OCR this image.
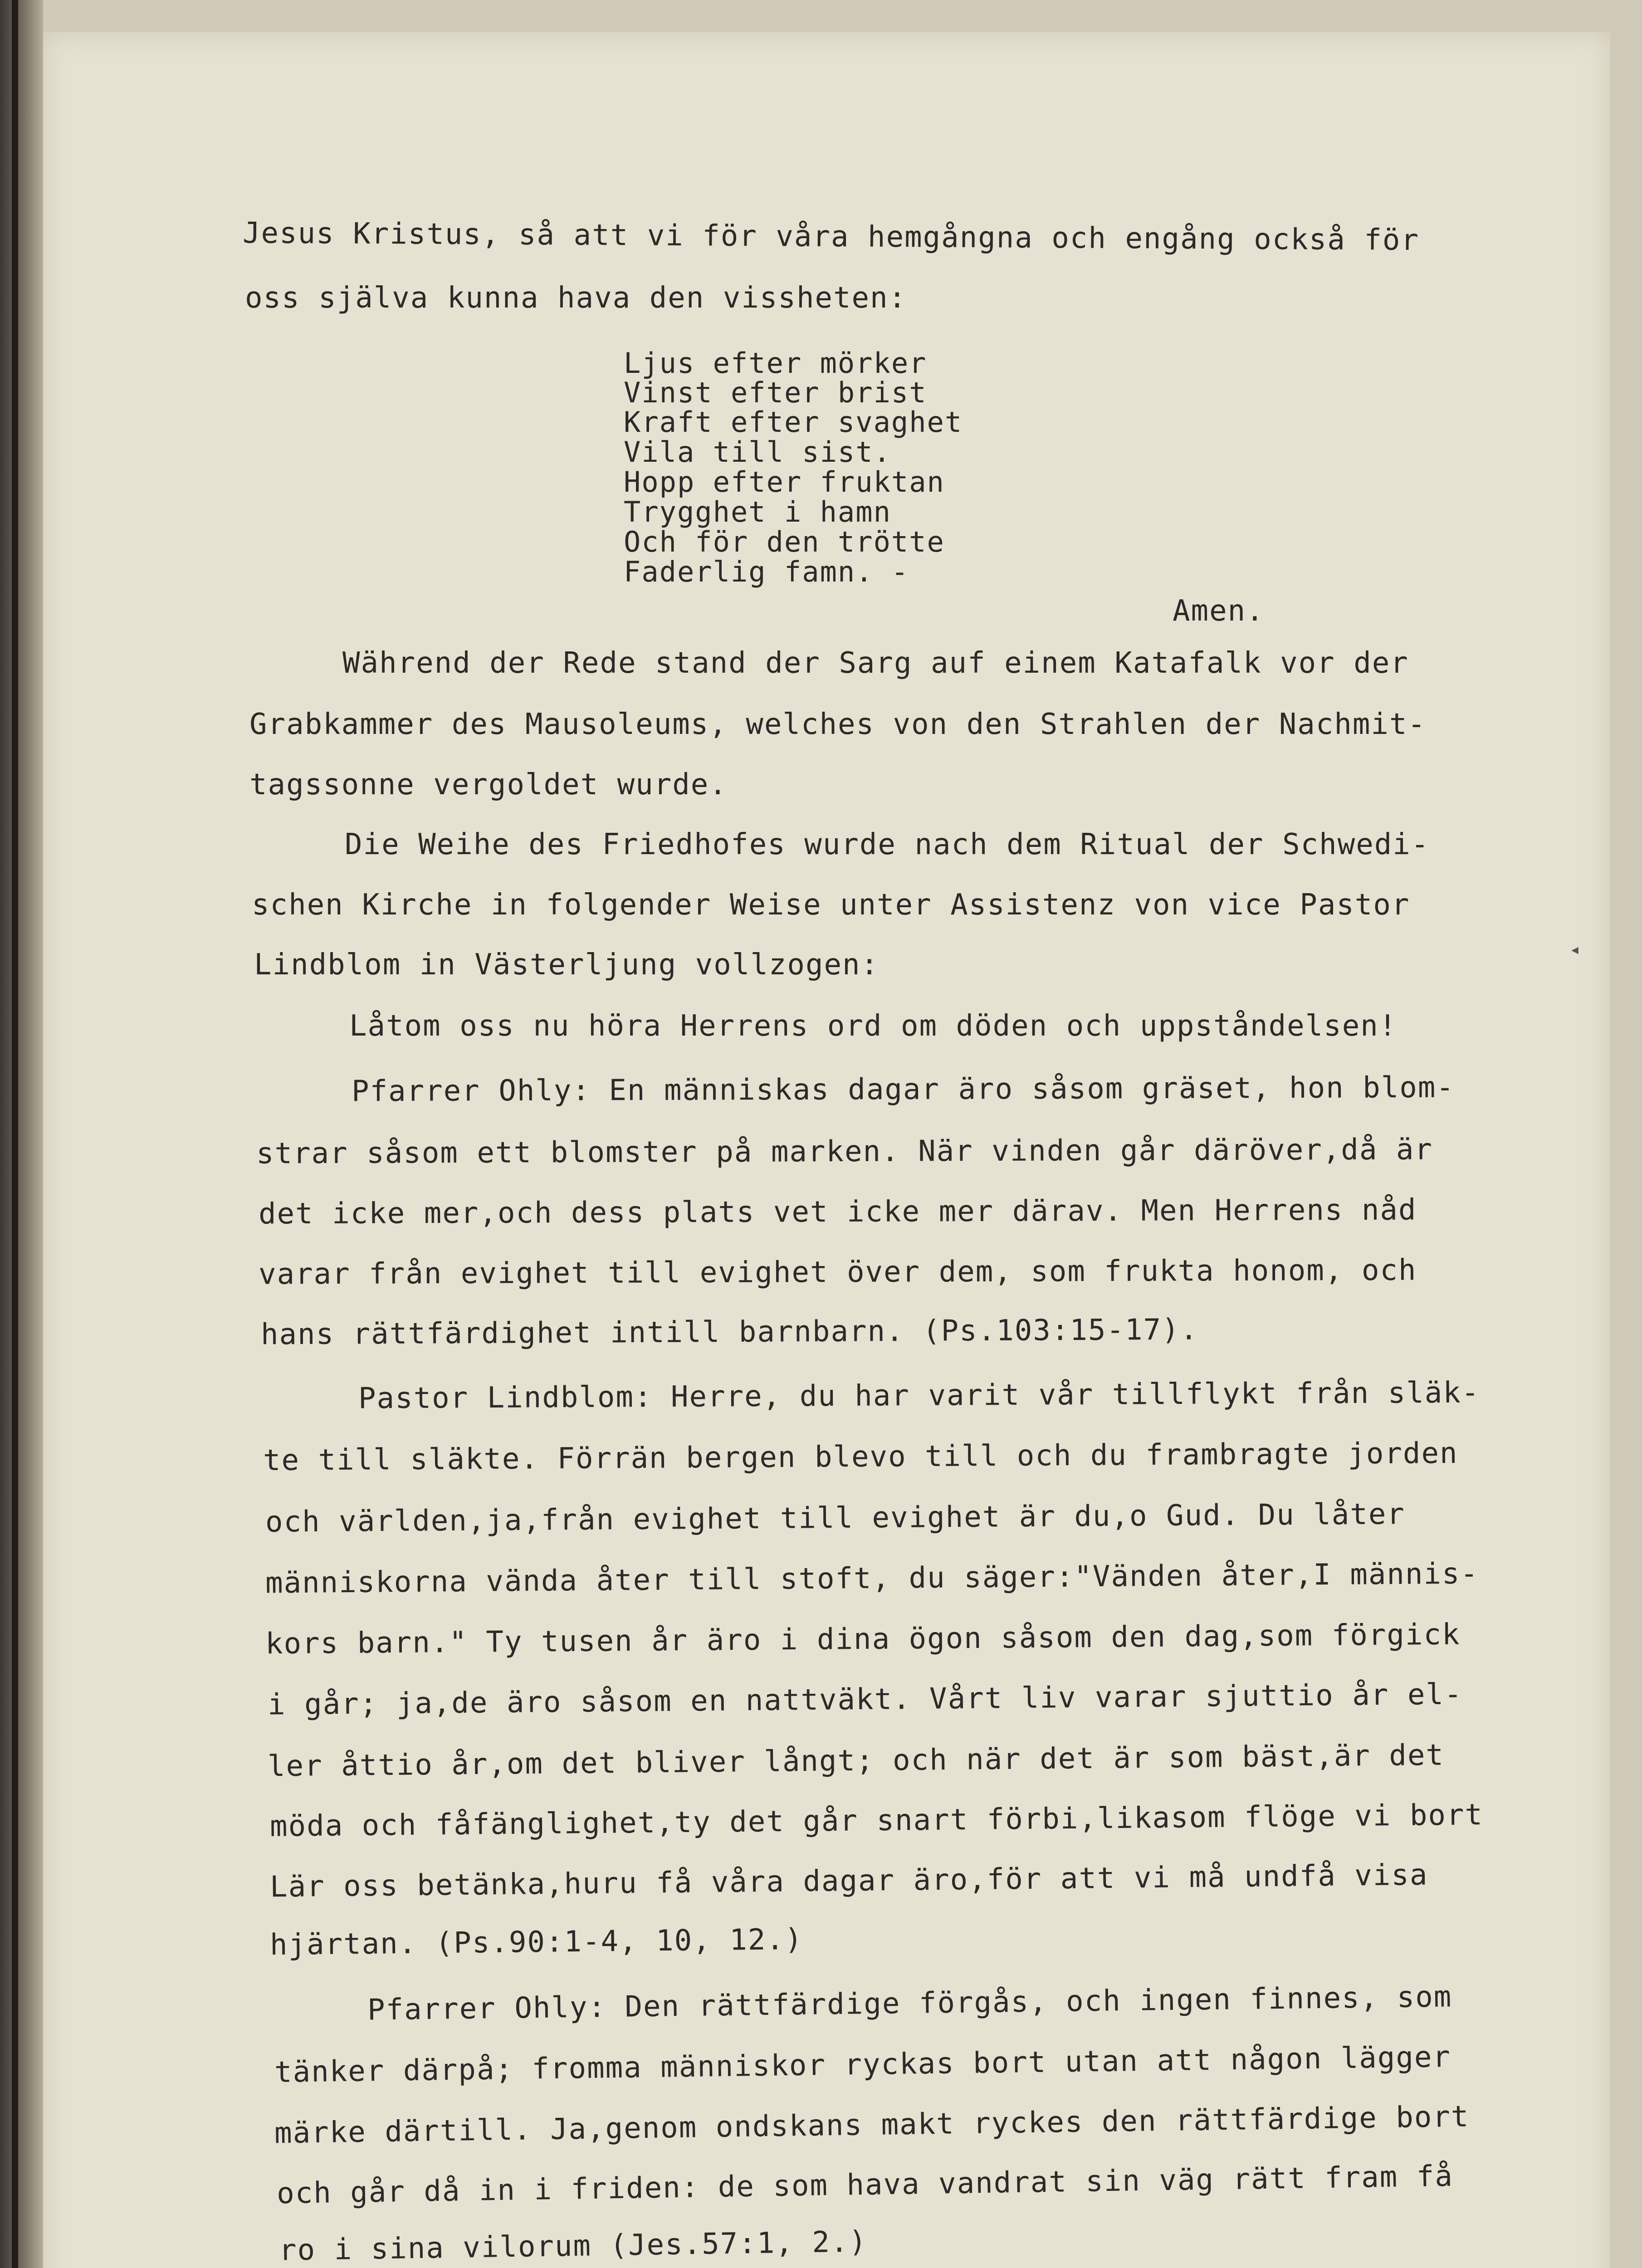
Jesus Kristus, så att vi för våra hemgångna och engång också för
oss själva kunna hava den vissheten:
Ljus efter mörker
Vinst efter brist
Kraft efter svaghet
Vila till sist.
Hopp efter fruktan
Trygghet i hamn
Och för den trötte
Faderlig famn. -
Amen.
Während der Rede stand der Sarg auf einem Katafalk vor der
Grabkammer des Mausoleums, welches von den Strahlen der Nachmit-
tagssonne vergoldet wurde.
Die Weihe des Friedhofes wurde nach dem Ritual der Schwedi-
schen Kirche in folgender Weise unter Assistenz von vice Pastor
Lindblom in Västerljung vollzogen:
Låtom oss nu höra Herrens ord om döden och uppståndelsen!
Pfarrer Ohly: En människas dagar äro såsom gräset, hon blom-
strar såsom ett blomster på marken. När vinden går däröver,då är
det icke mer,och dess plats vet icke mer därav. Men Herrens nåd
varar från evighet till evighet över dem, som frukta honom, och
hans rättfärdighet intill barnbarn. (Ps.103:15-17).
Pastor Lindblom: Herre, du har varit vår tillflykt från släk-
te till släkte. Förrän bergen blevo till och du frambragte jorden
och världen,ja,från evighet till evighet är du,o Gud. Du låter
människorna vända åter till stoft, du säger:"Vänden åter,I männis-
kors barn." Ty tusen år äro i dina ögon såsom den dag,som förgick
i går; ja,de äro såsom en nattväkt. Vårt liv varar sjuttio år el-
ler åttio år,om det bliver långt; och när det är som bäst,är det
möda och fåfänglighet,ty det går snart förbi,likasom flöge vi bort
Lär oss betänka,huru få våra dagar äro,för att vi må undfå visa
hjärtan. (Ps.90:1-4, 10, 12.)
Pfarrer Ohly: Den rättfärdige förgås, och ingen finnes, som
tänker därpå; fromma människor ryckas bort utan att någon lägger
märke därtill. Ja,genom ondskans makt ryckes den rättfärdige bort
och går då in i friden: de som hava vandrat sin väg rätt fram få
ro i sina vilorum (Jes.57:1, 2.)
◂
